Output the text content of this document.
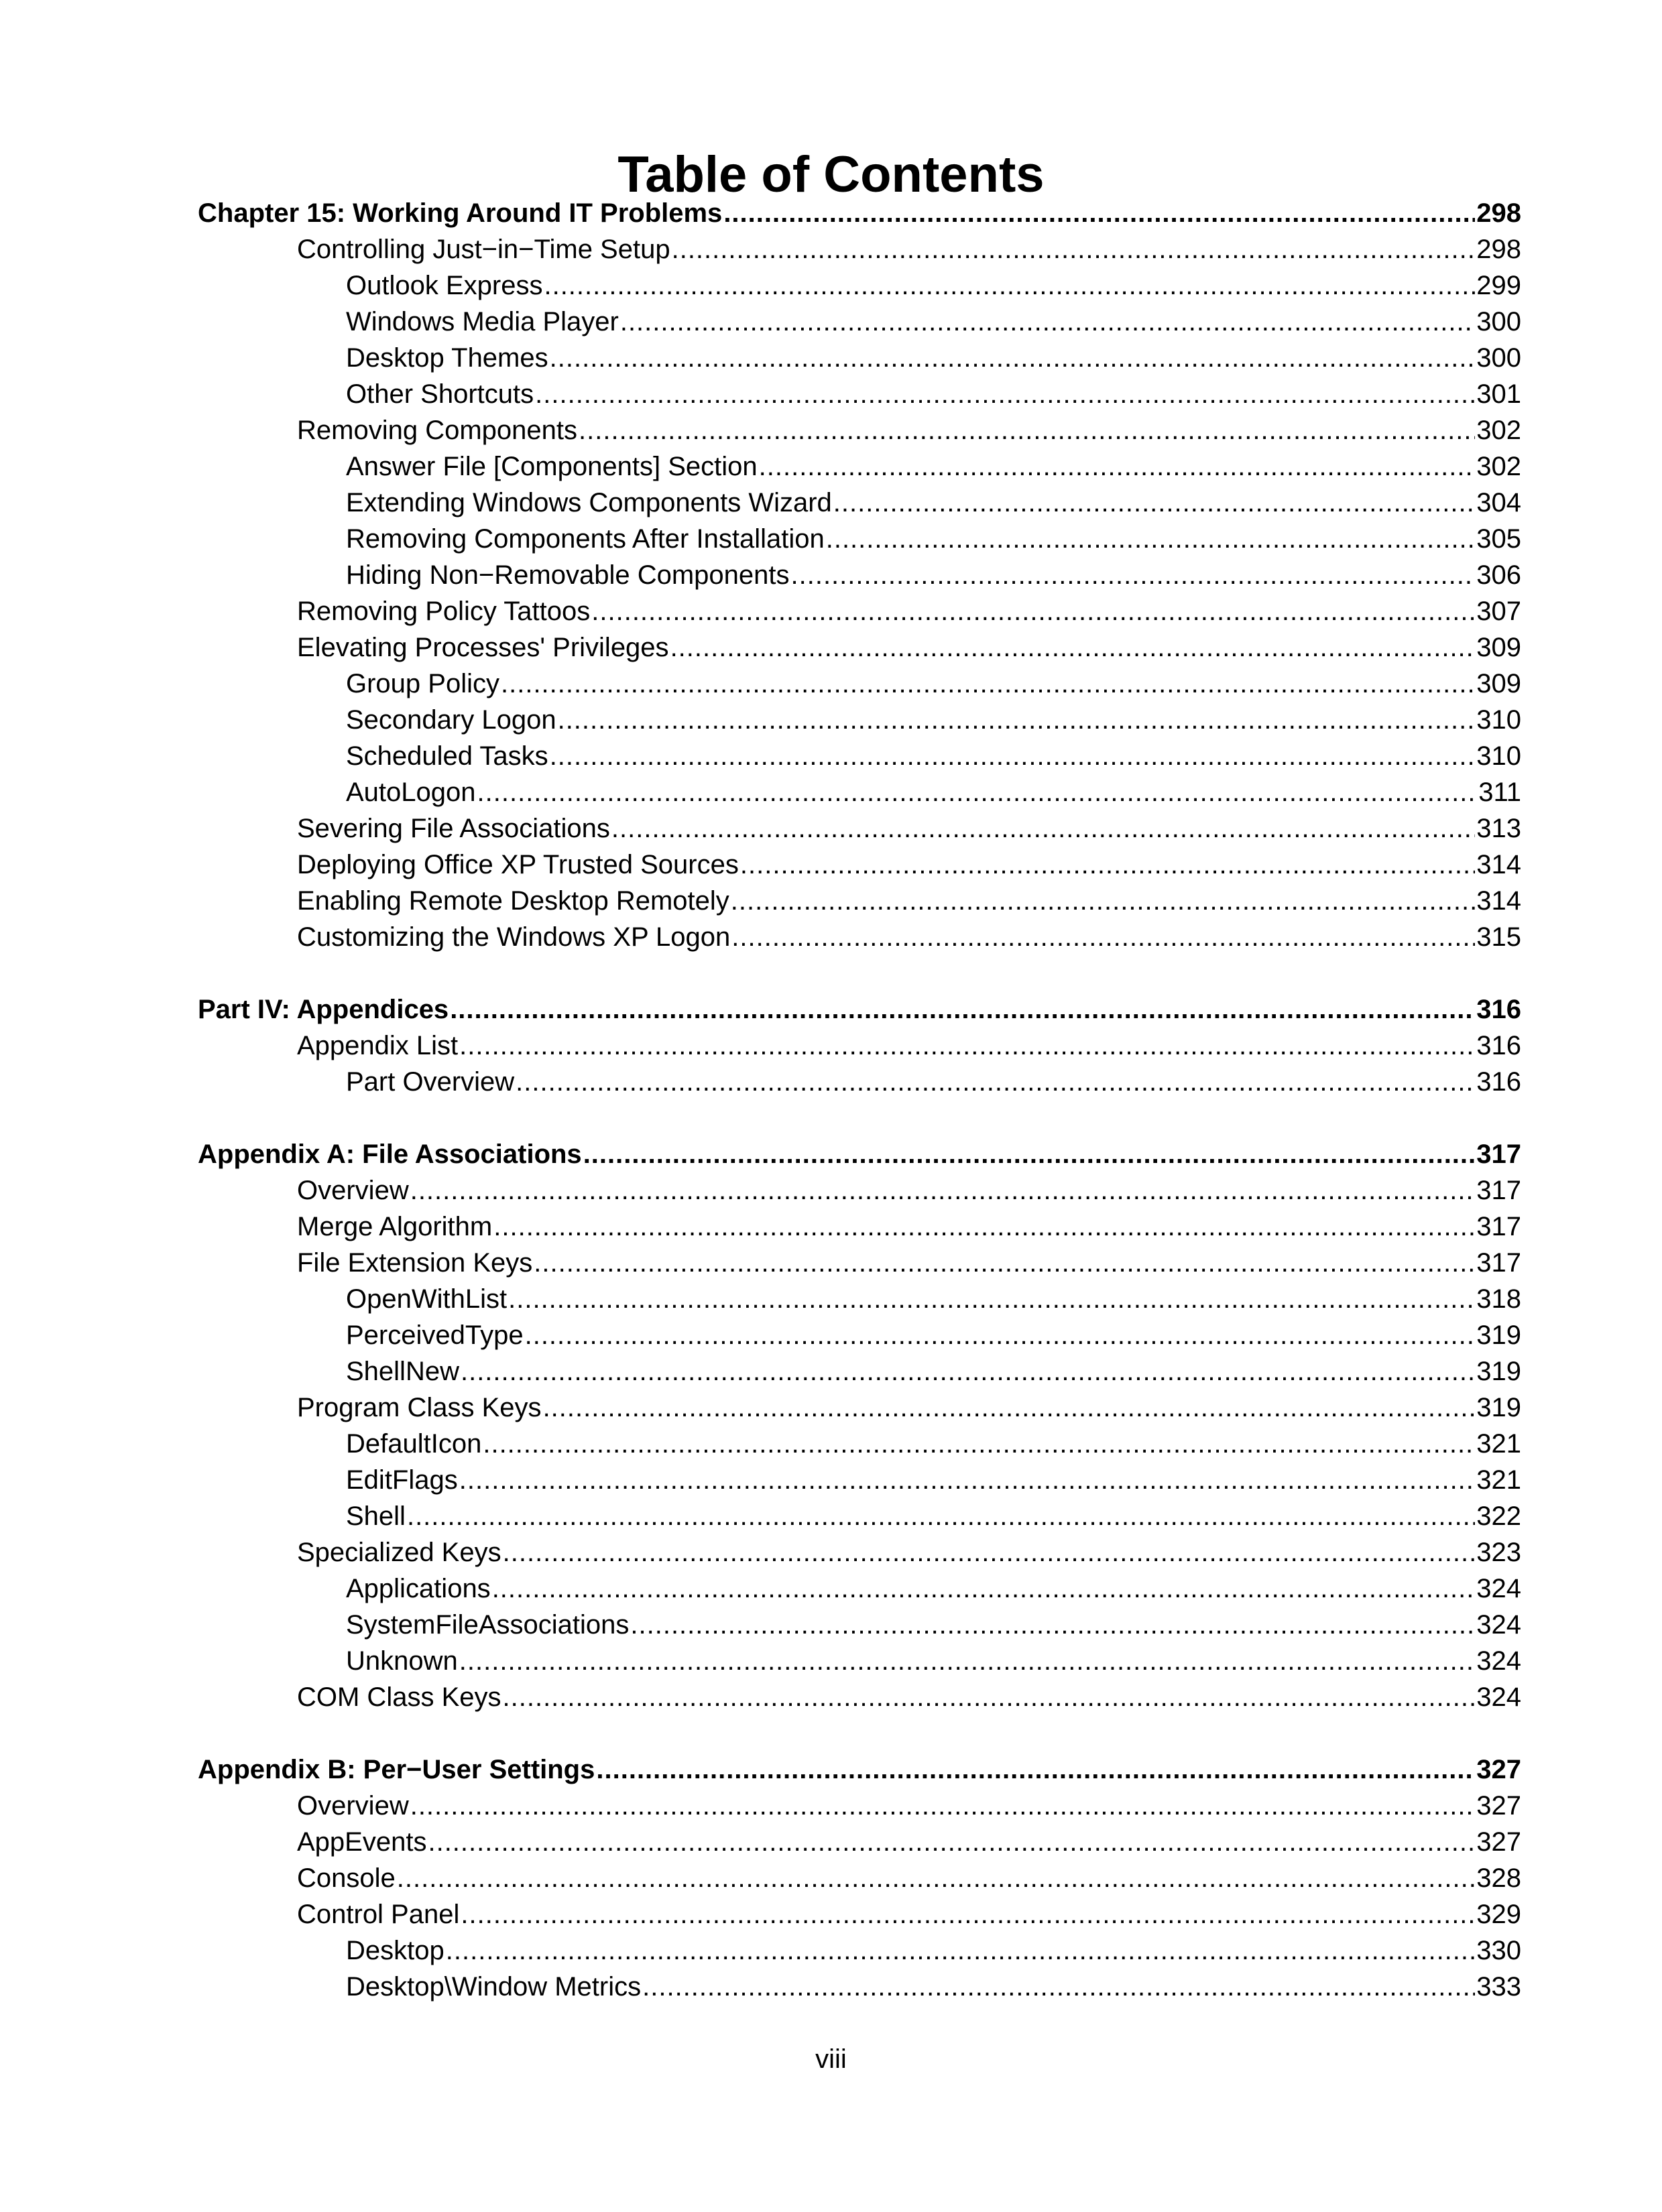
Table of Contents
Chapter 15: Working Around IT Problems .....	298
Controlling Just−in−Time Setup .....	298
Outlook Express .....	299
Windows Media Player .....	300
Desktop Themes .....	300
Other Shortcuts .....	301
Removing Components .....	302
Answer File [Components] Section .....	302
Extending Windows Components Wizard .....	304
Removing Components After Installation .....	305
Hiding Non−Removable Components .....	306
Removing Policy Tattoos .....	307
Elevating Processes' Privileges .....	309
Group Policy .....	309
Secondary Logon .....	310
Scheduled Tasks .....	310
AutoLogon .....	311
Severing File Associations .....	313
Deploying Office XP Trusted Sources .....	314
Enabling Remote Desktop Remotely .....	314
Customizing the Windows XP Logon .....	315
Part IV: Appendices .....	316
Appendix List .....	316
Part Overview .....	316
Appendix A: File Associations .....	317
Overview .....	317
Merge Algorithm .....	317
File Extension Keys .....	317
OpenWithList .....	318
PerceivedType .....	319
ShellNew .....	319
Program Class Keys .....	319
DefaultIcon .....	321
EditFlags .....	321
Shell .....	322
Specialized Keys .....	323
Applications .....	324
SystemFileAssociations .....	324
Unknown .....	324
COM Class Keys .....	324
Appendix B: Per−User Settings .....	327
Overview .....	327
AppEvents .....	327
Console .....	328
Control Panel .....	329
Desktop .....	330
Desktop\Window Metrics .....	333
viii
